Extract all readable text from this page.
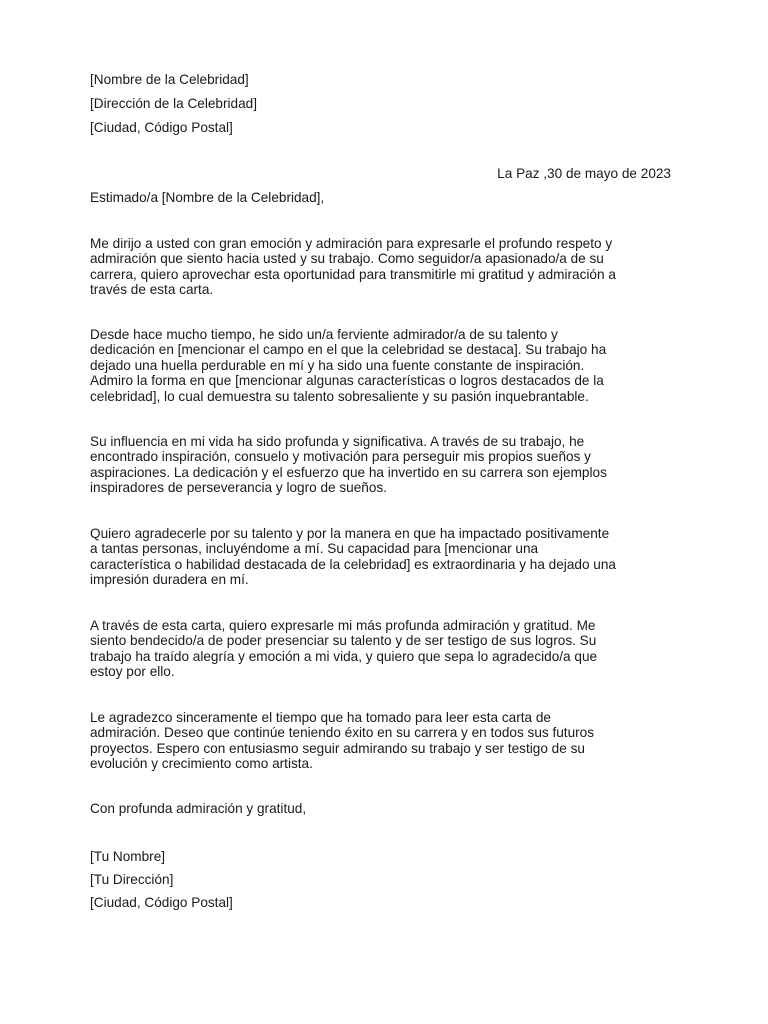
[Nombre de la Celebridad]
[Dirección de la Celebridad]
[Ciudad, Código Postal]
La Paz ,30 de mayo de 2023
Estimado/a [Nombre de la Celebridad],
Me dirijo a usted con gran emoción y admiración para expresarle el profundo respeto y
admiración que siento hacia usted y su trabajo. Como seguidor/a apasionado/a de su
carrera, quiero aprovechar esta oportunidad para transmitirle mi gratitud y admiración a
través de esta carta.
Desde hace mucho tiempo, he sido un/a ferviente admirador/a de su talento y
dedicación en [mencionar el campo en el que la celebridad se destaca]. Su trabajo ha
dejado una huella perdurable en mí y ha sido una fuente constante de inspiración.
Admiro la forma en que [mencionar algunas características o logros destacados de la
celebridad], lo cual demuestra su talento sobresaliente y su pasión inquebrantable.
Su influencia en mi vida ha sido profunda y significativa. A través de su trabajo, he
encontrado inspiración, consuelo y motivación para perseguir mis propios sueños y
aspiraciones. La dedicación y el esfuerzo que ha invertido en su carrera son ejemplos
inspiradores de perseverancia y logro de sueños.
Quiero agradecerle por su talento y por la manera en que ha impactado positivamente
a tantas personas, incluyéndome a mí. Su capacidad para [mencionar una
característica o habilidad destacada de la celebridad] es extraordinaria y ha dejado una
impresión duradera en mí.
A través de esta carta, quiero expresarle mi más profunda admiración y gratitud. Me
siento bendecido/a de poder presenciar su talento y de ser testigo de sus logros. Su
trabajo ha traído alegría y emoción a mi vida, y quiero que sepa lo agradecido/a que
estoy por ello.
Le agradezco sinceramente el tiempo que ha tomado para leer esta carta de
admiración. Deseo que continúe teniendo éxito en su carrera y en todos sus futuros
proyectos. Espero con entusiasmo seguir admirando su trabajo y ser testigo de su
evolución y crecimiento como artista.
Con profunda admiración y gratitud,
[Tu Nombre]
[Tu Dirección]
[Ciudad, Código Postal]
